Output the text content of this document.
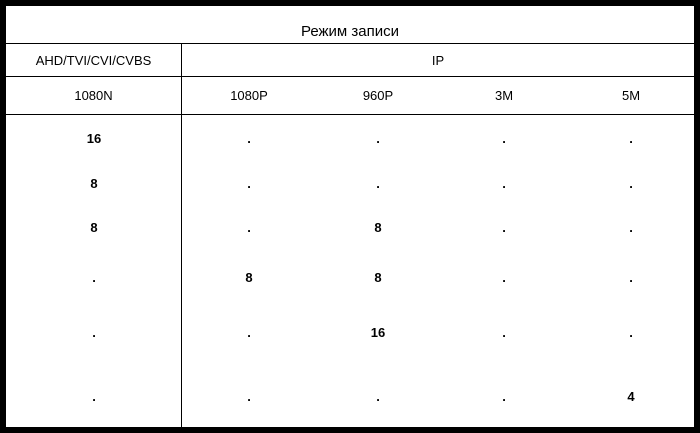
Режим записи
AHD/TVI/CVI/CVBS	IP
1080N	1080P	960P	3M	5M
16	.	.	.	.
8	.	.	.	.
8	.	8	.	.
.	8	8	.	.
.	.	16	.	.
.	.	.	.	4
